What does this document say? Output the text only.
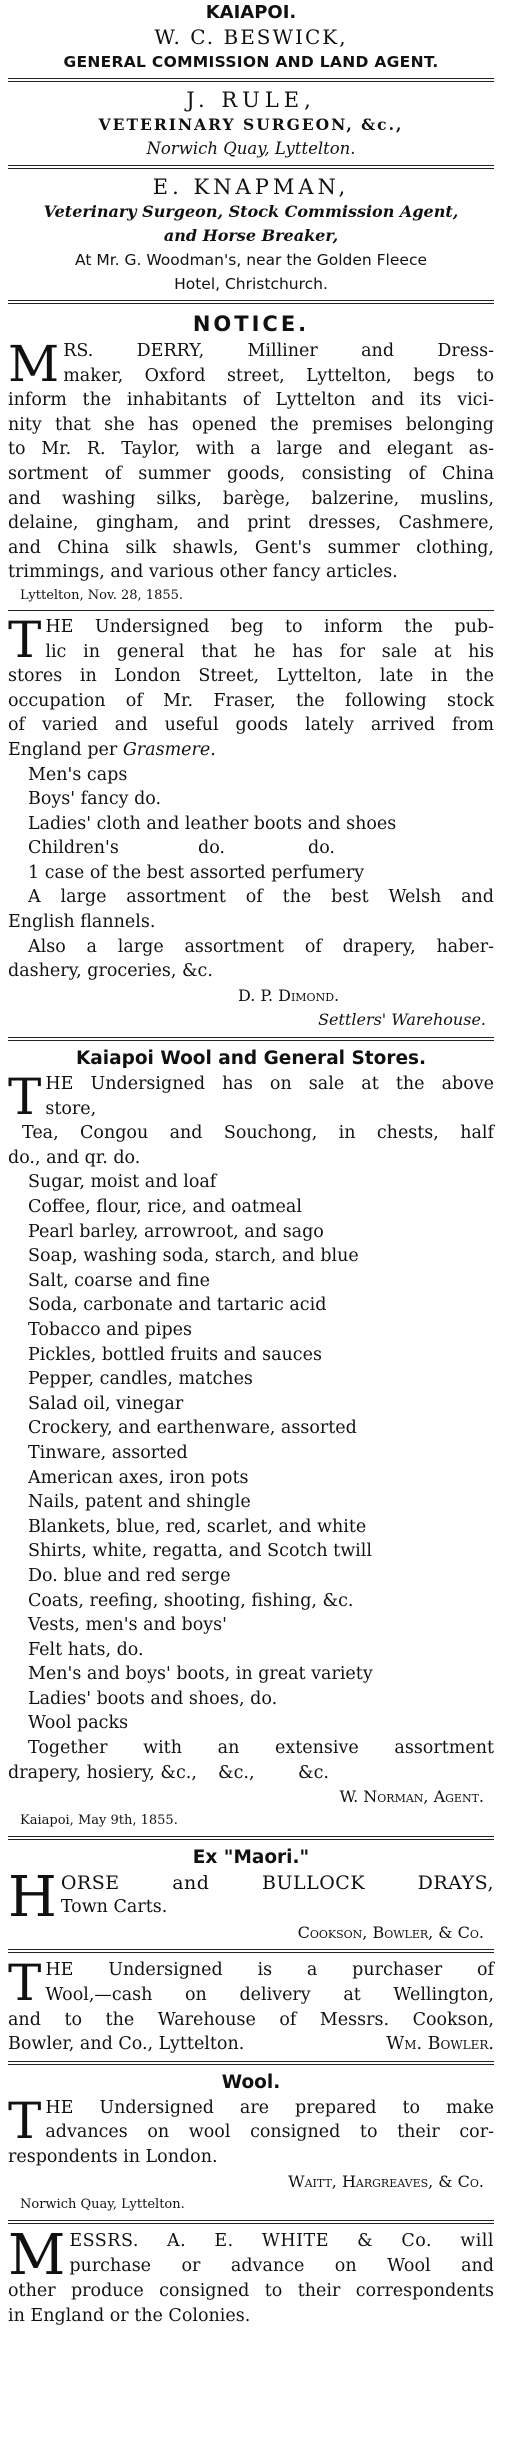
KAIAPOI.
W. C. BESWICK,
GENERAL COMMISSION AND LAND AGENT.
J. RULE,
VETERINARY SURGEON, &c.,
Norwich Quay, Lyttelton.
E. KNAPMAN,
Veterinary Surgeon, Stock Commission Agent,
and Horse Breaker,
At Mr. G. Woodman's, near the Golden Fleece
Hotel, Christchurch.
NOTICE.
M RS. DERRY, Milliner and Dress-
maker, Oxford street, Lyttelton, begs to
inform the inhabitants of Lyttelton and its vici-
nity that she has opened the premises belonging
to Mr. R. Taylor, with a large and elegant as-
sortment of summer goods, consisting of China
and washing silks, barège, balzerine, muslins,
delaine, gingham, and print dresses, Cashmere,
and China silk shawls, Gent's summer clothing,
trimmings, and various other fancy articles.
Lyttelton, Nov. 28, 1855.
T HE Undersigned beg to inform the pub-
lic in general that he has for sale at his
stores in London Street, Lyttelton, late in the
occupation of Mr. Fraser, the following stock
of varied and useful goods lately arrived from
England per Grasmere.
Men's caps
Boys' fancy do.
Ladies' cloth and leather boots and shoes
Children's	do.	do.
1 case of the best assorted perfumery
A large assortment of the best Welsh and
English flannels.
Also a large assortment of drapery, haber-
dashery, groceries, &c.
D. P. Dimond.
Settlers' Warehouse.
Kaiapoi Wool and General Stores.
T HE Undersigned has on sale at the above
store,
Tea, Congou and Souchong, in chests, half
do., and qr. do.
Sugar, moist and loaf
Coffee, flour, rice, and oatmeal
Pearl barley, arrowroot, and sago
Soap, washing soda, starch, and blue
Salt, coarse and fine
Soda, carbonate and tartaric acid
Tobacco and pipes
Pickles, bottled fruits and sauces
Pepper, candles, matches
Salad oil, vinegar
Crockery, and earthenware, assorted
Tinware, assorted
American axes, iron pots
Nails, patent and shingle
Blankets, blue, red, scarlet, and white
Shirts, white, regatta, and Scotch twill
Do. blue and red serge
Coats, reefing, shooting, fishing, &c.
Vests, men's and boys'
Felt hats, do.
Men's and boys' boots, in great variety
Ladies' boots and shoes, do.
Wool packs
Together with an extensive assortment
drapery, hosiery, &c.,	&c.,	&c.
W. Norman, Agent.
Kaiapoi, May 9th, 1855.
Ex "Maori."
H ORSE and BULLOCK DRAYS,
Town Carts.
Cookson, Bowler, & Co.
T HE Undersigned is a purchaser of
Wool,—cash on delivery at Wellington,
and to the Warehouse of Messrs. Cookson,
Bowler, and Co., Lyttelton.	Wm. Bowler.
Wool.
T HE Undersigned are prepared to make
advances on wool consigned to their cor-
respondents in London.
Waitt, Hargreaves, & Co.
Norwich Quay, Lyttelton.
M ESSRS. A. E. WHITE & Co. will
purchase or advance on Wool and
other produce consigned to their correspondents
in England or the Colonies.
